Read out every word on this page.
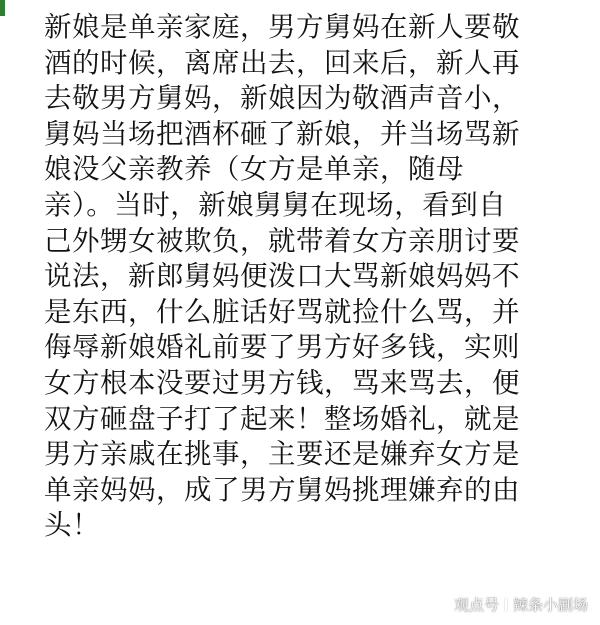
新娘是单亲家庭，男方舅妈在新人要敬
酒的时候，离席出去，回来后，新人再
去敬男方舅妈，新娘因为敬酒声音小，
舅妈当场把酒杯砸了新娘，并当场骂新
娘没父亲教养（女方是单亲，随母
亲）。当时，新娘舅舅在现场，看到自
己外甥女被欺负，就带着女方亲朋讨要
说法，新郎舅妈便泼口大骂新娘妈妈不
是东西，什么脏话好骂就捡什么骂，并
侮辱新娘婚礼前要了男方好多钱，实则
女方根本没要过男方钱，骂来骂去，便
双方砸盘子打了起来！整场婚礼，就是
男方亲戚在挑事，主要还是嫌弃女方是
单亲妈妈，成了男方舅妈挑理嫌弃的由
头！
观点号 辣条小剧场
